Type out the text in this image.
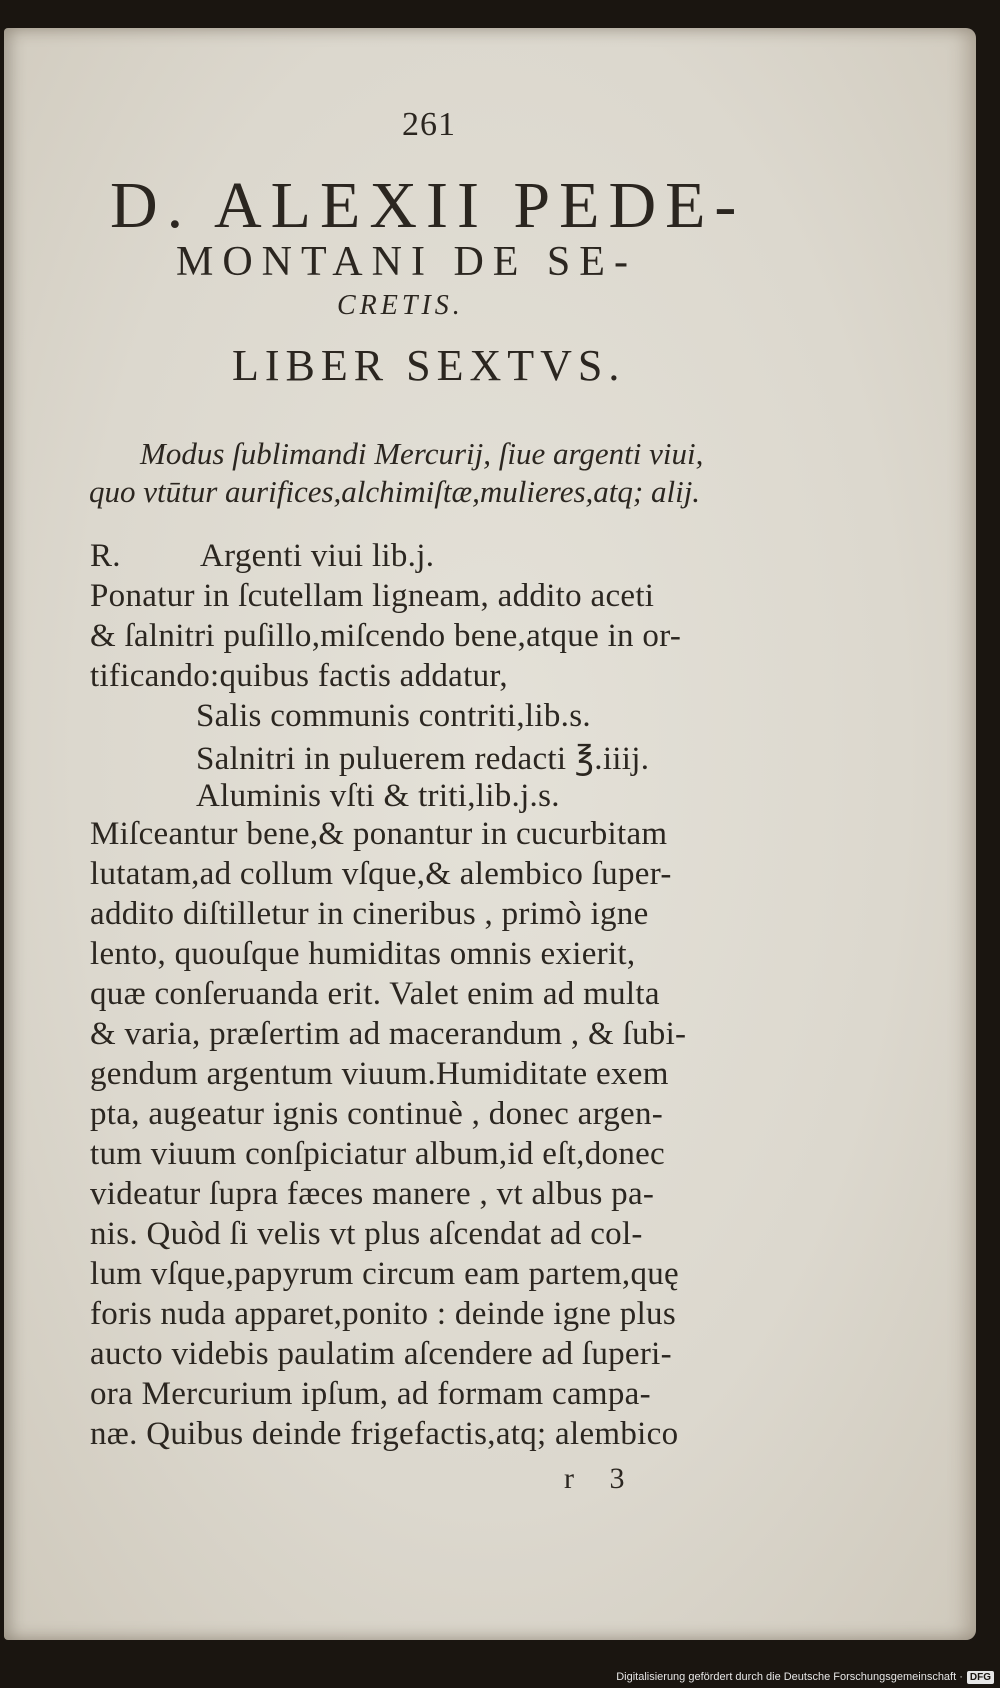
261
D. ALEXII PEDE-
MONTANI DE SE-
CRETIS.
LIBER SEXTVS.
Modus ſublimandi Mercurij, ſiue argenti viui,
quo vtūtur aurifices,alchimiſtæ,mulieres,atq; alij.
R. Argenti viui lib.j.
Ponatur in ſcutellam ligneam, addito aceti
& ſalnitri puſillo,miſcendo bene,atque in or-
tificando:quibus factis addatur,
Salis communis contriti,lib.s.
Salnitri in puluerem redacti ℥.iiij.
Aluminis vſti & triti,lib.j.s.
Miſceantur bene,& ponantur in cucurbitam
lutatam,ad collum vſque,& alembico ſuper-
addito diſtilletur in cineribus , primò igne
lento, quouſque humiditas omnis exierit,
quæ conſeruanda erit. Valet enim ad multa
& varia, præſertim ad macerandum , & ſubi-
gendum argentum viuum.Humiditate exem
pta, augeatur ignis continuè , donec argen-
tum viuum conſpiciatur album,id eſt,donec
videatur ſupra fæces manere , vt albus pa-
nis. Quòd ſi velis vt plus aſcendat ad col-
lum vſque,papyrum circum eam partem,quę
foris nuda apparet,ponito : deinde igne plus
aucto videbis paulatim aſcendere ad ſuperi-
ora Mercurium ipſum, ad formam campa-
næ. Quibus deinde frigefactis,atq; alembico
r 3
Digitalisierung gefördert durch die Deutsche Forschungsgemeinschaft · DFG
